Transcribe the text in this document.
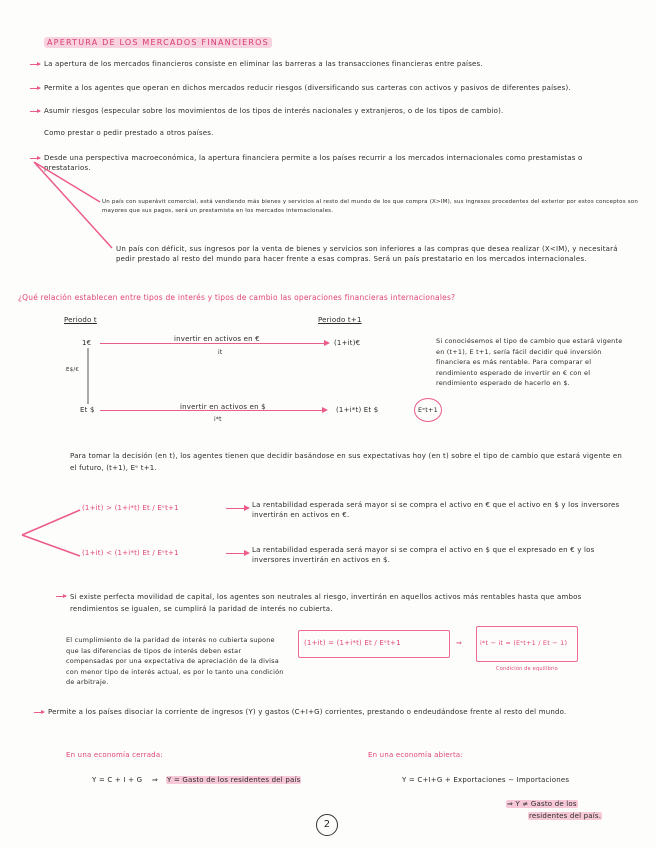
APERTURA DE LOS MERCADOS FINANCIEROS
La apertura de los mercados financieros consiste en eliminar las barreras a las transacciones financieras entre países.
Permite a los agentes que operan en dichos mercados reducir riesgos (diversificando sus carteras con activos y pasivos de diferentes países).
Asumir riesgos (especular sobre los movimientos de los tipos de interés nacionales y extranjeros, o de los tipos de cambio).
Como prestar o pedir prestado a otros países.
Desde una perspectiva macroeconómica, la apertura financiera permite a los países recurrir a los mercados internacionales como prestamistas o prestatarios.
Un país con superávit comercial, está vendiendo más bienes y servicios al resto del mundo de los que compra (X>IM), sus ingresos procedentes del exterior por estos conceptos son mayores que sus pagos, será un prestamista en los mercados internacionales.
Un país con déficit, sus ingresos por la venta de bienes y servicios son inferiores a las compras que desea realizar (X<IM), y necesitará pedir prestado al resto del mundo para hacer frente a esas compras. Será un país prestatario en los mercados internacionales.
¿Qué relación establecen entre tipos de interés y tipos de cambio las operaciones financieras internacionales?
Periodo t	Periodo t+1
1€
E$/€
Et $
invertir en activos en €
it
(1+it)€
invertir en activos en $
i*t
(1+i*t) Et $	Eᵉt+1
Si conociésemos el tipo de cambio que estará vigente en (t+1), E t+1, sería fácil decidir qué inversión financiera es más rentable. Para comparar el rendimiento esperado de invertir en € con el rendimiento esperado de hacerlo en $.
Para tomar la decisión (en t), los agentes tienen que decidir basándose en sus expectativas hoy (en t) sobre el tipo de cambio que estará vigente en el futuro, (t+1), Eᵉ t+1.
(1+it) > (1+i*t) Et / Eᵉt+1	La rentabilidad esperada será mayor si se compra el activo en € que el activo en $ y los inversores invertirán en activos en €.
(1+it) < (1+i*t) Et / Eᵉt+1	La rentabilidad esperada será mayor si se compra el activo en $ que el expresado en € y los inversores invertirán en activos en $.
Si existe perfecta movilidad de capital, los agentes son neutrales al riesgo, invertirán en aquellos activos más rentables hasta que ambos rendimientos se igualen, se cumplirá la paridad de interés no cubierta.
El cumplimiento de la paridad de interés no cubierta supone que las diferencias de tipos de interés deben estar compensadas por una expectativa de apreciación de la divisa con menor tipo de interés actual, es por lo tanto una condición de arbitraje.
(1+it) = (1+i*t) Et / Eᵉt+1	⇒	i*t − it ≈ (Eᵉt+1 / Et − 1)
Condición de equilibrio
Permite a los países disociar la corriente de ingresos (Y) y gastos (C+I+G) corrientes, prestando o endeudándose frente al resto del mundo.
En una economía cerrada:
Y = C + I + G ⇒ Y = Gasto de los residentes del país
En una economía abierta:
Y = C+I+G + Exportaciones − Importaciones
⇒ Y ≠ Gasto de los
residentes del país.
2
